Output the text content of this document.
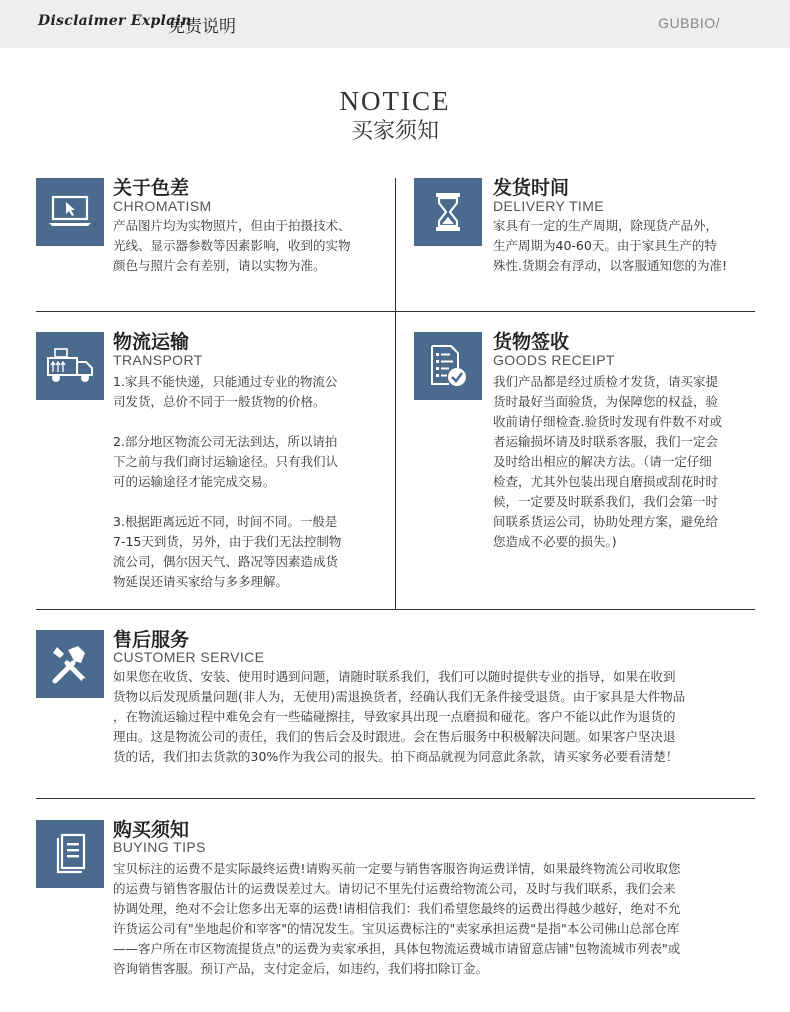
Disclaimer Explain
免责说明	GUBBIO/
NOTICE
买家须知
关于色差
CHROMATISM

产品图片均为实物照片，但由于拍摄技术、

光线、显示器参数等因素影响，收到的实物

颜色与照片会有差别，请以实物为准。

发货时间
DELIVERY TIME

家具有一定的生产周期，除现货产品外，

生产周期为40-60天。由于家具生产的特

殊性.货期会有浮动，以客服通知您的为准!

物流运输
TRANSPORT

1.家具不能快递，只能通过专业的物流公

司发货，总价不同于一般货物的价格。

2.部分地区物流公司无法到达，所以请拍

下之前与我们商讨运输途径。只有我们认

可的运输途径才能完成交易。

3.根据距离远近不同，时间不同。一般是

7-15天到货，另外，由于我们无法控制物

流公司，偶尔因天气、路况等因素造成货

物延误还请买家给与多多理解。

货物签收
GOODS RECEIPT

我们产品都是经过质检才发货，请买家提

货时最好当面验货，为保障您的权益，验

收前请仔细检查.验货时发现有件数不对或

者运输损坏请及时联系客服，我们一定会

及时给出相应的解决方法。（请一定仔细

检查，尤其外包装出现自磨损或刮花时时

候，一定要及时联系我们，我们会第一时

间联系货运公司，协助处理方案，避免给

您造成不必要的损失。)

售后服务
CUSTOMER SERVICE

如果您在收货、安装、使用时遇到问题，请随时联系我们，我们可以随时提供专业的指导，如果在收到

货物以后发现质量问题(非人为，无使用)需退换货者，经确认我们无条件接受退货。由于家具是大件物品

，在物流运输过程中难免会有一些磕碰擦挂，导致家具出现一点磨损和碰花。客户不能以此作为退货的

理由。这是物流公司的责任，我们的售后会及时跟进。会在售后服务中积极解决问题。如果客户坚决退

货的话，我们扣去货款的30%作为我公司的报失。拍下商品就视为同意此条款，请买家务必要看清楚！

购买须知
BUYING TIPS

宝贝标注的运费不是实际最终运费!请购买前一定要与销售客服咨询运费详情，如果最终物流公司收取您

的运费与销售客服估计的运费误差过大。请切记不里先付运费给物流公司，及时与我们联系，我们会来

协调处理，绝对不会让您多出无辜的运费!请相信我们：我们希望您最终的运费出得越少越好，绝对不允

许货运公司有"坐地起价和宰客"的情况发生。宝贝运费标注的"卖家承担运费"是指"本公司佛山总部仓库

——客户所在市区物流提货点"的运费为卖家承担，具体包物流运费城市请留意店铺"包物流城市列表"或

咨询销售客服。预订产品，支付定金后，如违约，我们将扣除订金。
